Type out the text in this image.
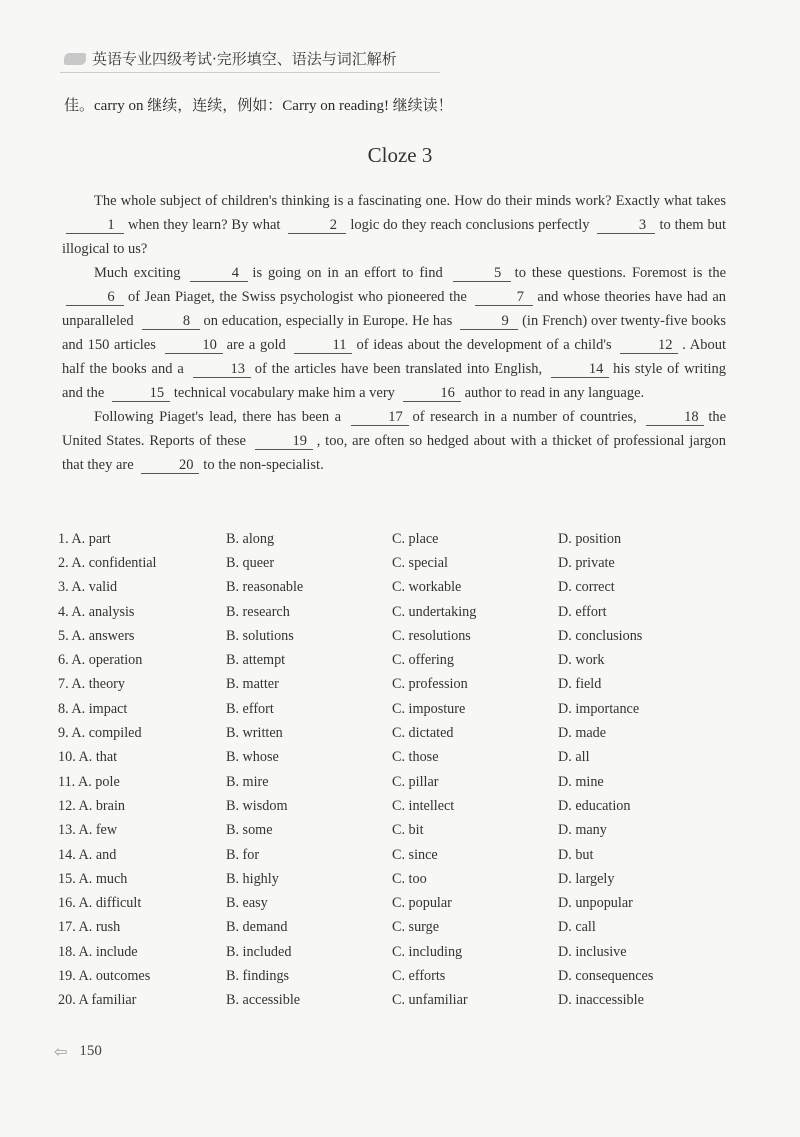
英语专业四级考试·完形填空、语法与词汇解析
佳。carry on 继续，连续，例如：Carry on reading! 继续读！
Cloze 3

The whole subject of children's thinking is a fascinating one. How do their minds work? Exactly what takes 1 when they learn? By what	2 logic do they reach conclusions perfectly	3 to them but illogical to us?

Much exciting	4 is going on in an effort to find	5 to these questions. Foremost is the 6 of Jean Piaget, the Swiss psychologist who pioneered the	7 and whose theories have had an unparalleled	8 on education, especially in Europe. He has	9 (in French) over twenty-five books and 150 articles	10 are a gold	11 of ideas about the development of a child's	12 . About half the books and a	13 of the articles have been translated into English,	14 his style of writing and the	15 technical vocabulary make him a very	16 author to read in any language.

Following Piaget's lead, there has been a	17 of research in a number of countries,	18 the United States. Reports of these	19 , too, are often so hedged about with a thicket of professional jargon that they are	20 to the non-specialist.

1. A. part	B. along	C. place	D. position
2. A. confidential	B. queer	C. special	D. private
3. A. valid	B. reasonable	C. workable	D. correct
4. A. analysis	B. research	C. undertaking	D. effort
5. A. answers	B. solutions	C. resolutions	D. conclusions
6. A. operation	B. attempt	C. offering	D. work
7. A. theory	B. matter	C. profession	D. field
8. A. impact	B. effort	C. imposture	D. importance
9. A. compiled	B. written	C. dictated	D. made
10. A. that	B. whose	C. those	D. all
11. A. pole	B. mire	C. pillar	D. mine
12. A. brain	B. wisdom	C. intellect	D. education
13. A. few	B. some	C. bit	D. many
14. A. and	B. for	C. since	D. but
15. A. much	B. highly	C. too	D. largely
16. A. difficult	B. easy	C. popular	D. unpopular
17. A. rush	B. demand	C. surge	D. call
18. A. include	B. included	C. including	D. inclusive
19. A. outcomes	B. findings	C. efforts	D. consequences
20. A familiar	B. accessible	C. unfamiliar	D. inaccessible
⇦ 150
